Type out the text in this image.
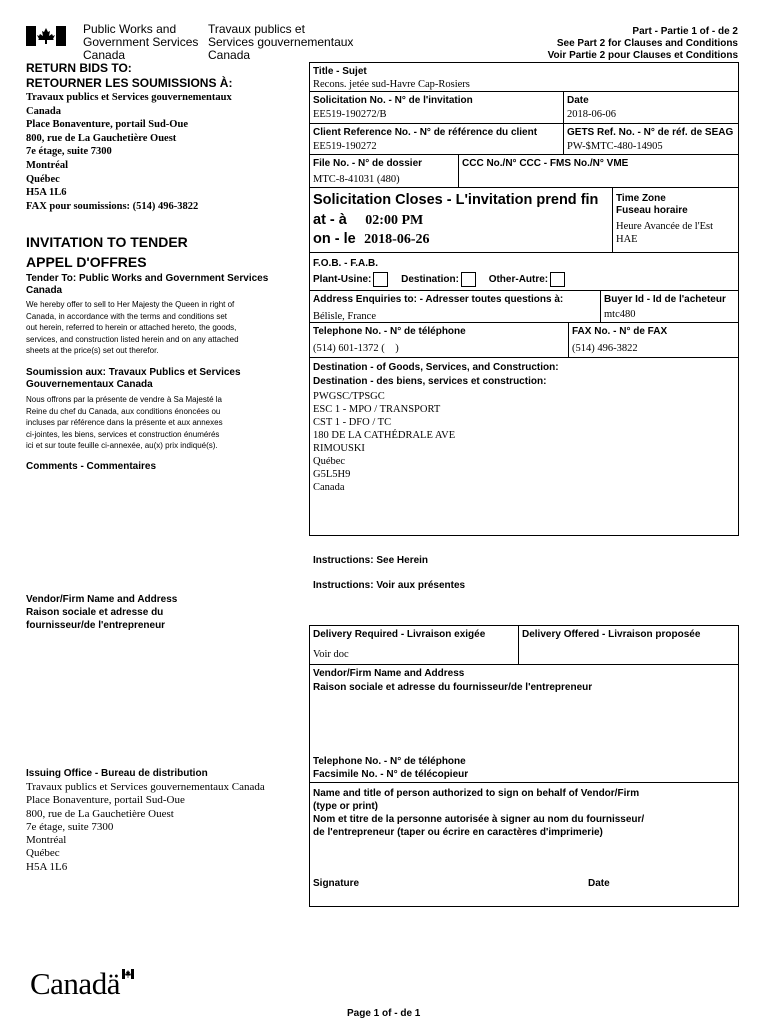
Public Works and
Government Services
Canada
Travaux publics et
Services gouvernementaux
Canada
Part - Partie 1 of - de 2
See Part 2 for Clauses and Conditions
Voir Partie 2 pour Clauses et Conditions
RETURN BIDS TO:
RETOURNER LES SOUMISSIONS À:
Travaux publics et Services gouvernementaux
Canada
Place Bonaventure, portail Sud-Oue
800, rue de La Gauchetière Ouest
7e étage, suite 7300
Montréal
Québec
H5A 1L6
FAX pour soumissions: (514) 496-3822
INVITATION TO TENDER
APPEL D'OFFRES
Tender To: Public Works and Government Services Canada
We hereby offer to sell to Her Majesty the Queen in right of
Canada, in accordance with the terms and conditions set
out herein, referred to herein or attached hereto, the goods,
services, and construction listed herein and on any attached
sheets at the price(s) set out therefor.
Soumission aux: Travaux Publics et Services Gouvernementaux Canada
Nous offrons par la présente de vendre à Sa Majesté la
Reine du chef du Canada, aux conditions énoncées ou
incluses par référence dans la présente et aux annexes
ci-jointes, les biens, services et construction énumérés
ici et sur toute feuille ci-annexée, au(x) prix indiqué(s).
Comments - Commentaires
Vendor/Firm Name and Address
Raison sociale et adresse du
fournisseur/de l'entrepreneur
Issuing Office - Bureau de distribution
Travaux publics et Services gouvernementaux Canada
Place Bonaventure, portail Sud-Oue
800, rue de La Gauchetière Ouest
7e étage, suite 7300
Montréal
Québec
H5A 1L6
Title - Sujet
Recons. jetée sud-Havre Cap-Rosiers
Solicitation No. - N° de l'invitation
EE519-190272/B
Date
2018-06-06
Client Reference No. - N° de référence du client
EE519-190272
GETS Ref. No. - N° de réf. de SEAG
PW-$MTC-480-14905
File No. - N° de dossier
MTC-8-41031 (480)
CCC No./N° CCC - FMS No./N° VME
Solicitation Closes - L'invitation prend fin
at - à 02:00 PM
on - le 2018-06-26
Time Zone
Fuseau horaire
Heure Avancée de l'Est
HAE
F.O.B. - F.A.B.
Plant-Usine:	Destination:	Other-Autre:
Address Enquiries to: - Adresser toutes questions à:
Bélisle, France
Buyer Id - Id de l'acheteur
mtc480
Telephone No. - N° de téléphone
(514) 601-1372 (    )
FAX No. - N° de FAX
(514) 496-3822
Destination - of Goods, Services, and Construction:
Destination - des biens, services et construction:
PWGSC/TPSGC
ESC 1 - MPO / TRANSPORT
CST 1 - DFO / TC
180 DE LA CATHÉDRALE AVE
RIMOUSKI
Québec
G5L5H9
Canada
Instructions: See Herein
Instructions: Voir aux présentes
Delivery Required - Livraison exigée
Voir doc
Delivery Offered - Livraison proposée
Vendor/Firm Name and Address
Raison sociale et adresse du fournisseur/de l'entrepreneur
Telephone No. - N° de téléphone
Facsimile No. - N° de télécopieur
Name and title of person authorized to sign on behalf of Vendor/Firm
(type or print)
Nom et titre de la personne autorisée à signer au nom du fournisseur/
de l'entrepreneur (taper ou écrire en caractères d'imprimerie)
Signature	Date
Canadä
Page 1 of - de 1
